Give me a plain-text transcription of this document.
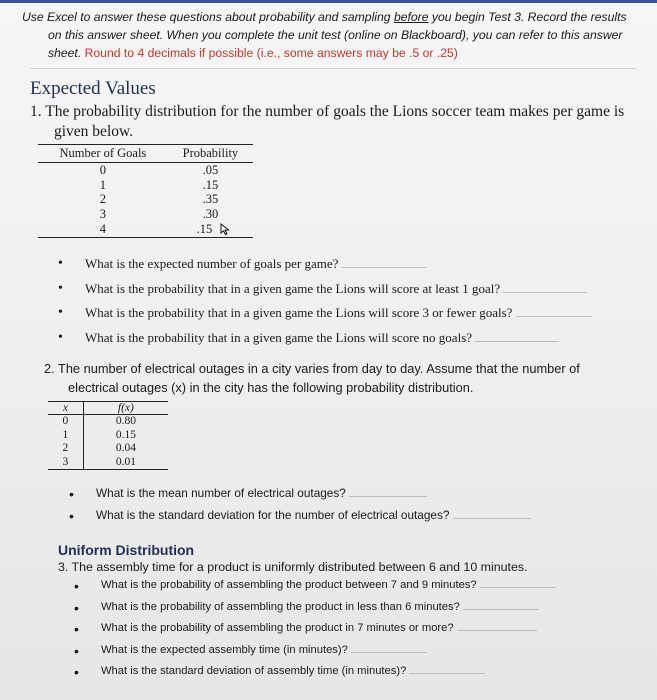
Use Excel to answer these questions about probability and sampling before you begin Test 3. Record the results
on this answer sheet. When you complete the unit test (online on Blackboard), you can refer to this answer
sheet. Round to 4 decimals if possible (i.e., some answers may be .5 or .25)
Expected Values
1. The probability distribution for the number of goals the Lions soccer team makes per game is
given below.
Number of Goals	Probability
0	.05
1	.15
2	.35
3	.30
4	.15
• What is the expected number of goals per game?
• What is the probability that in a given game the Lions will score at least 1 goal?
• What is the probability that in a given game the Lions will score 3 or fewer goals?
• What is the probability that in a given game the Lions will score no goals?
2. The number of electrical outages in a city varies from day to day. Assume that the number of
electrical outages (x) in the city has the following probability distribution.
x	f(x)
0	0.80
1	0.15
2	0.04
3	0.01
• What is the mean number of electrical outages?
• What is the standard deviation for the number of electrical outages?
Uniform Distribution
3. The assembly time for a product is uniformly distributed between 6 and 10 minutes.
• What is the probability of assembling the product between 7 and 9 minutes?
• What is the probability of assembling the product in less than 6 minutes?
• What is the probability of assembling the product in 7 minutes or more?
• What is the expected assembly time (in minutes)?
• What is the standard deviation of assembly time (in minutes)?
